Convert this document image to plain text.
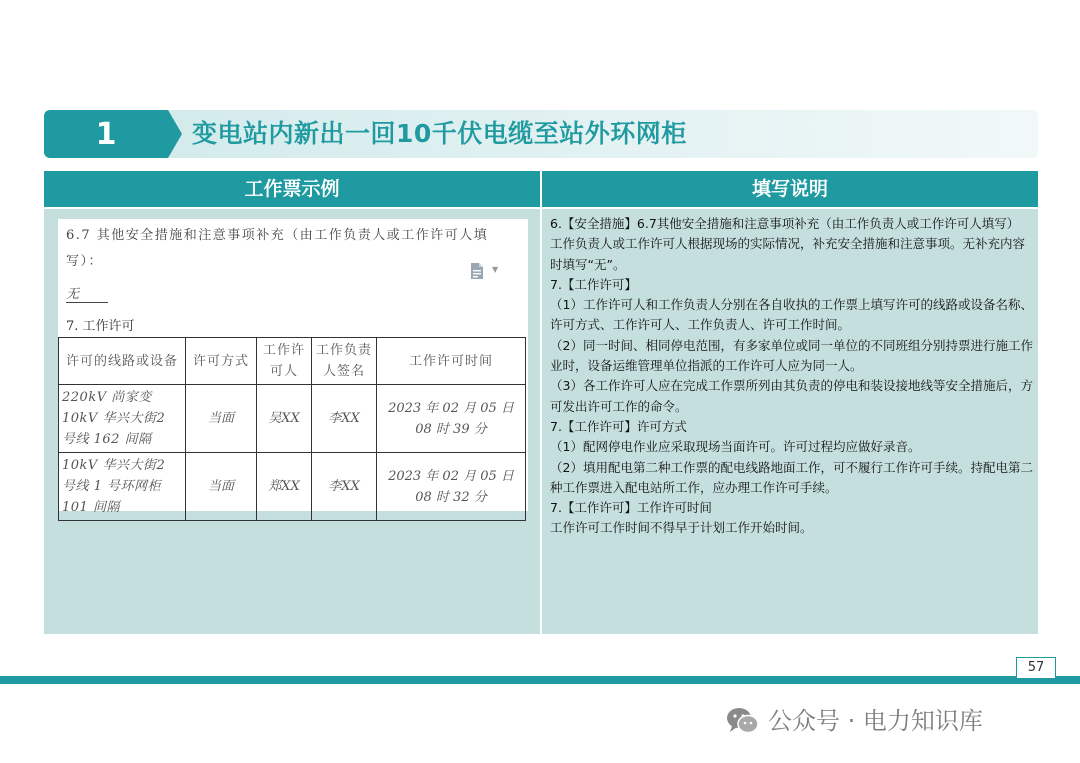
1	变电站内新出一回10千伏电缆至站外环网柜
工作票示例	填写说明
6.7 其他安全措施和注意事项补充（由工作负责人或工作许可人填写）：
▼
无
7. 工作许可
许可的线路或设备	许可方式	工作许可人	工作负责人签名	工作许可时间
220kV 尚家变 10kV 华兴大街2 号线 162 间隔	当面	吴XX	李XX	2023 年 02 月 05 日 08 时 39 分
10kV 华兴大街2 号线 1 号环网柜 101 间隔	当面	郑XX	李XX	2023 年 02 月 05 日 08 时 32 分
6.【安全措施】6.7其他安全措施和注意事项补充（由工作负责人或工作许可人填写）
工作负责人或工作许可人根据现场的实际情况，补充安全措施和注意事项。无补充内容时填写“无”。
7.【工作许可】
（1）工作许可人和工作负责人分别在各自收执的工作票上填写许可的线路或设备名称、许可方式、工作许可人、工作负责人、许可工作时间。
（2）同一时间、相同停电范围，有多家单位或同一单位的不同班组分别持票进行施工作业时，设备运维管理单位指派的工作许可人应为同一人。
（3）各工作许可人应在完成工作票所列由其负责的停电和装设接地线等安全措施后，方可发出许可工作的命令。
7.【工作许可】许可方式
（1）配网停电作业应采取现场当面许可。许可过程均应做好录音。
（2）填用配电第二种工作票的配电线路地面工作，可不履行工作许可手续。持配电第二种工作票进入配电站所工作，应办理工作许可手续。
7.【工作许可】工作许可时间
工作许可工作时间不得早于计划工作开始时间。
57
公众号 · 电力知识库
